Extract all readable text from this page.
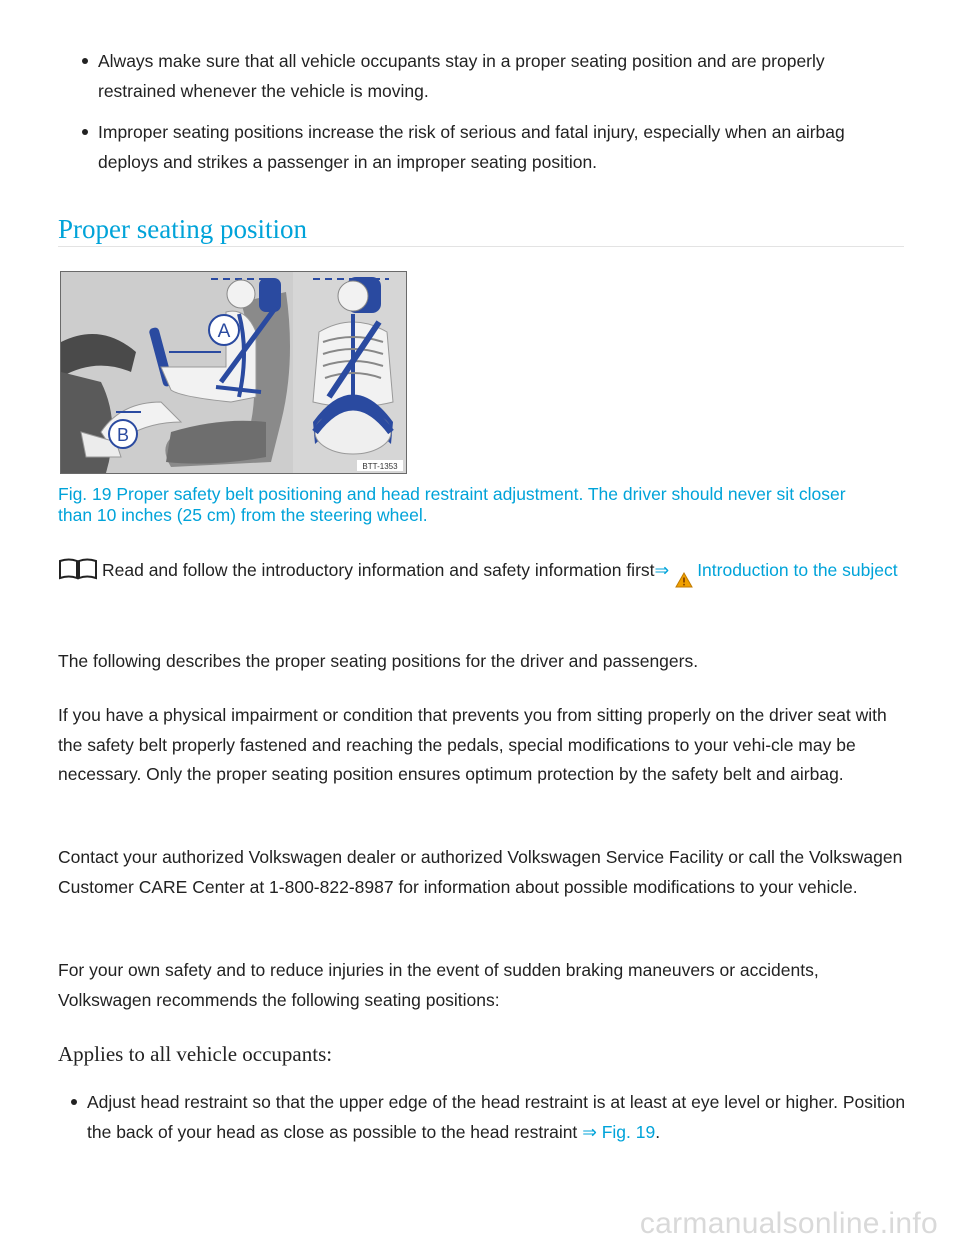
Always make sure that all vehicle occupants stay in a proper seating position and are properly restrained whenever the vehicle is moving.
Improper seating positions increase the risk of serious and fatal injury, especially when an airbag deploys and strikes a passenger in an improper seating position.
Proper seating position
A
B
BTT-1353
Fig. 19 Proper safety belt positioning and head restraint adjustment. The driver should never sit closer than 10 inches (25 cm) from the steering wheel.
Read and follow the introductory information and safety information first⇒ Introduction to the subject
The following describes the proper seating positions for the driver and passengers.
If you have a physical impairment or condition that prevents you from sitting properly on the driver seat with the safety belt properly fastened and reaching the pedals, special modifications to your vehi-cle may be necessary. Only the proper seating position ensures optimum protection by the safety belt and airbag.
Contact your authorized Volkswagen dealer or authorized Volkswagen Service Facility or call the Volkswagen Customer CARE Center at 1-800-822-8987 for information about possible modifications to your vehicle.
For your own safety and to reduce injuries in the event of sudden braking maneuvers or accidents, Volkswagen recommends the following seating positions:
Applies to all vehicle occupants:
Adjust head restraint so that the upper edge of the head restraint is at least at eye level or higher. Position the back of your head as close as possible to the head restraint ⇒ Fig. 19.
carmanualsonline.info
